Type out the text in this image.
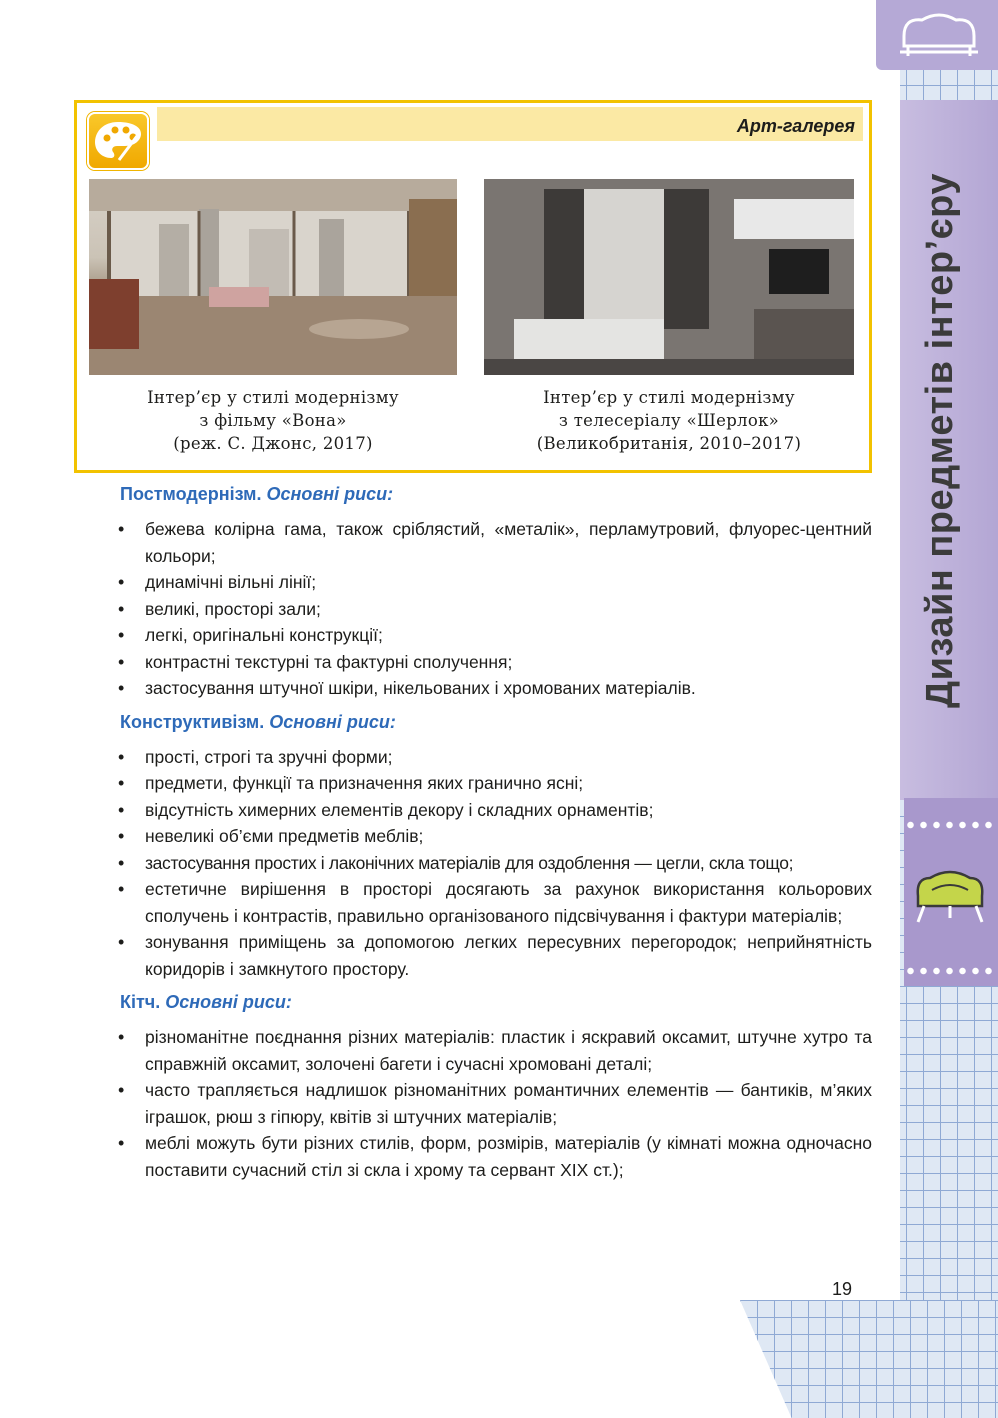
Дизайн предметів інтер’єру
Арт-галерея
Інтер’єр у стилі модернізму
з фільму «Вона»
(реж. С. Джонс, 2017)
Інтер’єр у стилі модернізму
з телесеріалу «Шерлок»
(Великобританія, 2010–2017)
Постмодернізм. Основні риси:
• бежева колірна гама, також сріблястий, «металік», перламутровий, флуорес-центний кольори;
• динамічні вільні лінії;
• великі, просторі зали;
• легкі, оригінальні конструкції;
• контрастні текстурні та фактурні сполучення;
• застосування штучної шкіри, нікельованих і хромованих матеріалів.
Конструктивізм. Основні риси:
• прості, строгі та зручні форми;
• предмети, функції та призначення яких гранично ясні;
• відсутність химерних елементів декору і складних орнаментів;
• невеликі об’єми предметів меблів;
• застосування простих і лаконічних матеріалів для оздоблення — цегли, скла тощо;
• естетичне вирішення в просторі досягають за рахунок використання кольорових сполучень і контрастів, правильно організованого підсвічування і фактури матеріалів;
• зонування приміщень за допомогою легких пересувних перегородок; неприйнятність коридорів і замкнутого простору.
Кітч. Основні риси:
• різноманітне поєднання різних матеріалів: пластик і яскравий оксамит, штучне хутро та справжній оксамит, золочені багети і сучасні хромовані деталі;
• часто трапляється надлишок різноманітних романтичних елементів — бантиків, м’яких іграшок, рюш з гіпюру, квітів зі штучних матеріалів;
• меблі можуть бути різних стилів, форм, розмірів, матеріалів (у кімнаті можна одночасно поставити сучасний стіл зі скла і хрому та сервант XIX ст.);
19
